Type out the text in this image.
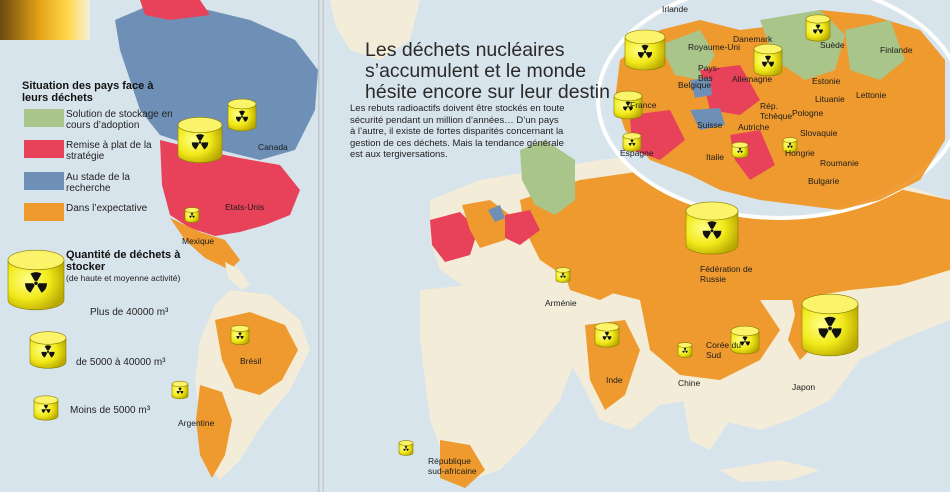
Situation des pays face à leurs déchets
Solution de stockage en cours d’adoption
Remise à plat de la stratégie
Au stade de la recherche
Dans l’expectative
Quantité de déchets à stocker
(de haute et moyenne activité)
Plus de 40000 m³
de 5000 à 40000 m³
Moins de 5000 m³
Les déchets nucléaires s’accumulent et le monde hésite encore sur leur destin
Les rebuts radioactifs doivent être stockés en toute sécurité pendant un million d’années… D’un pays à l’autre, il existe de fortes disparités concernant la gestion de ces déchets. Mais la tendance générale est aux tergiversations.
Canada
Etats-Unis
Mexique
Brésil
Argentine
Arménie
Fédération de Russie
Inde	Chine
Corée du Sud
Japon
République sud-africaine
Irlande
Royaume-Uni
Danemark
Suède	Finlande
Pays-Bas
Belgique
Allemagne	Estonie
Lettonie
Lituanie
Pologne
Rép. Tchèque
France
Suisse Autriche
Slovaquie
Hongrie
Roumanie
Italie
Espagne
Bulgarie
